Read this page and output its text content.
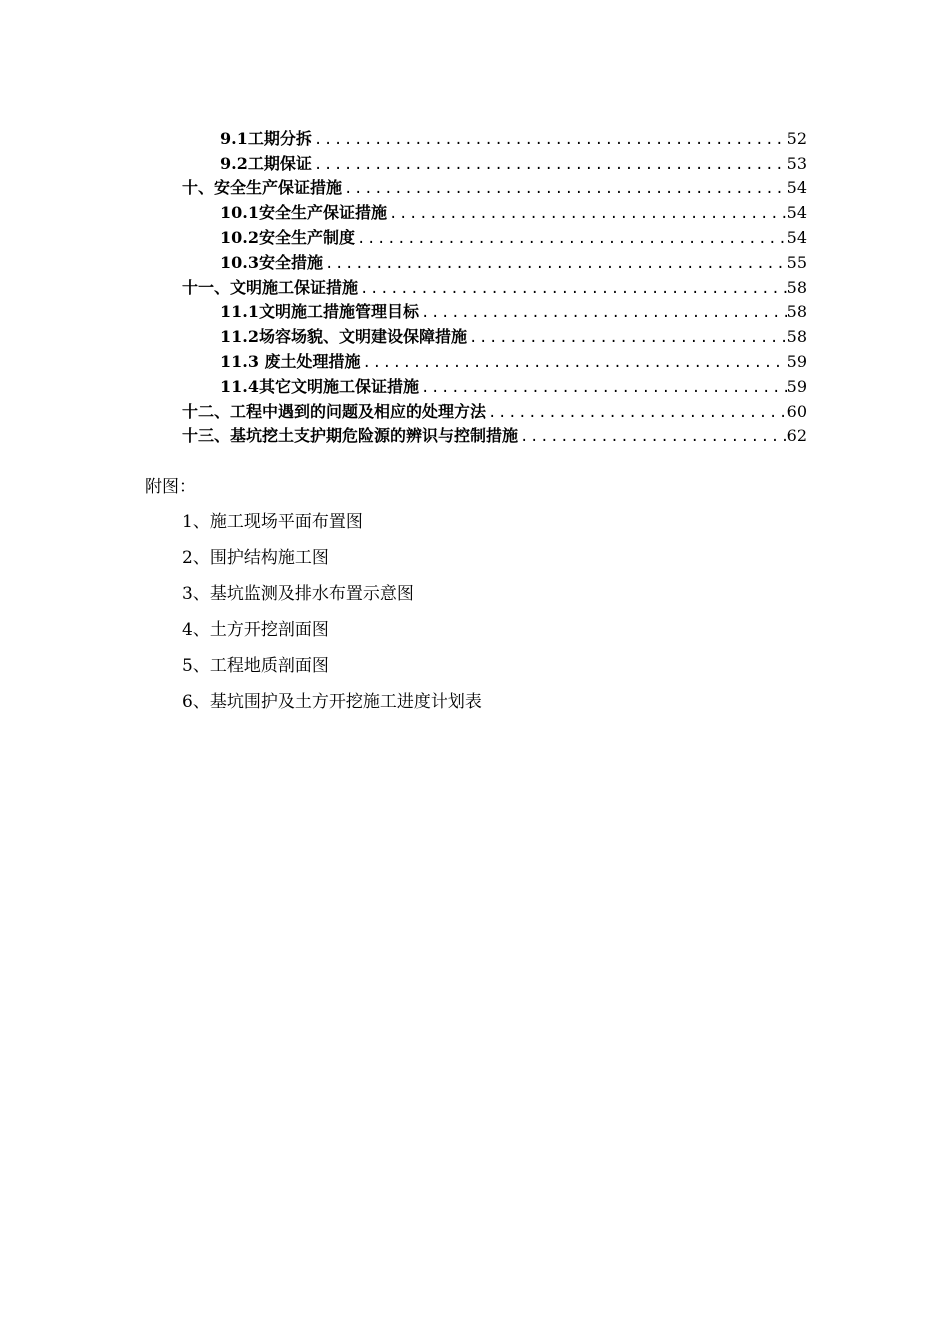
9.1工期分拆 .....	52
9.2工期保证 .....	53
十、安全生产保证措施 .....	54
10.1安全生产保证措施 .....	54
10.2安全生产制度 .....	54
10.3安全措施 .....	55
十一、文明施工保证措施 .....	58
11.1文明施工措施管理目标 .....	58
11.2场容场貌、文明建设保障措施 .....	58
11.3 废土处理措施 .....	59
11.4其它文明施工保证措施 .....	59
十二、工程中遇到的问题及相应的处理方法 .....	60
十三、基坑挖土支护期危险源的辨识与控制措施 .....	62
附图：
1、施工现场平面布置图
2、围护结构施工图
3、基坑监测及排水布置示意图
4、土方开挖剖面图
5、工程地质剖面图
6、基坑围护及土方开挖施工进度计划表
